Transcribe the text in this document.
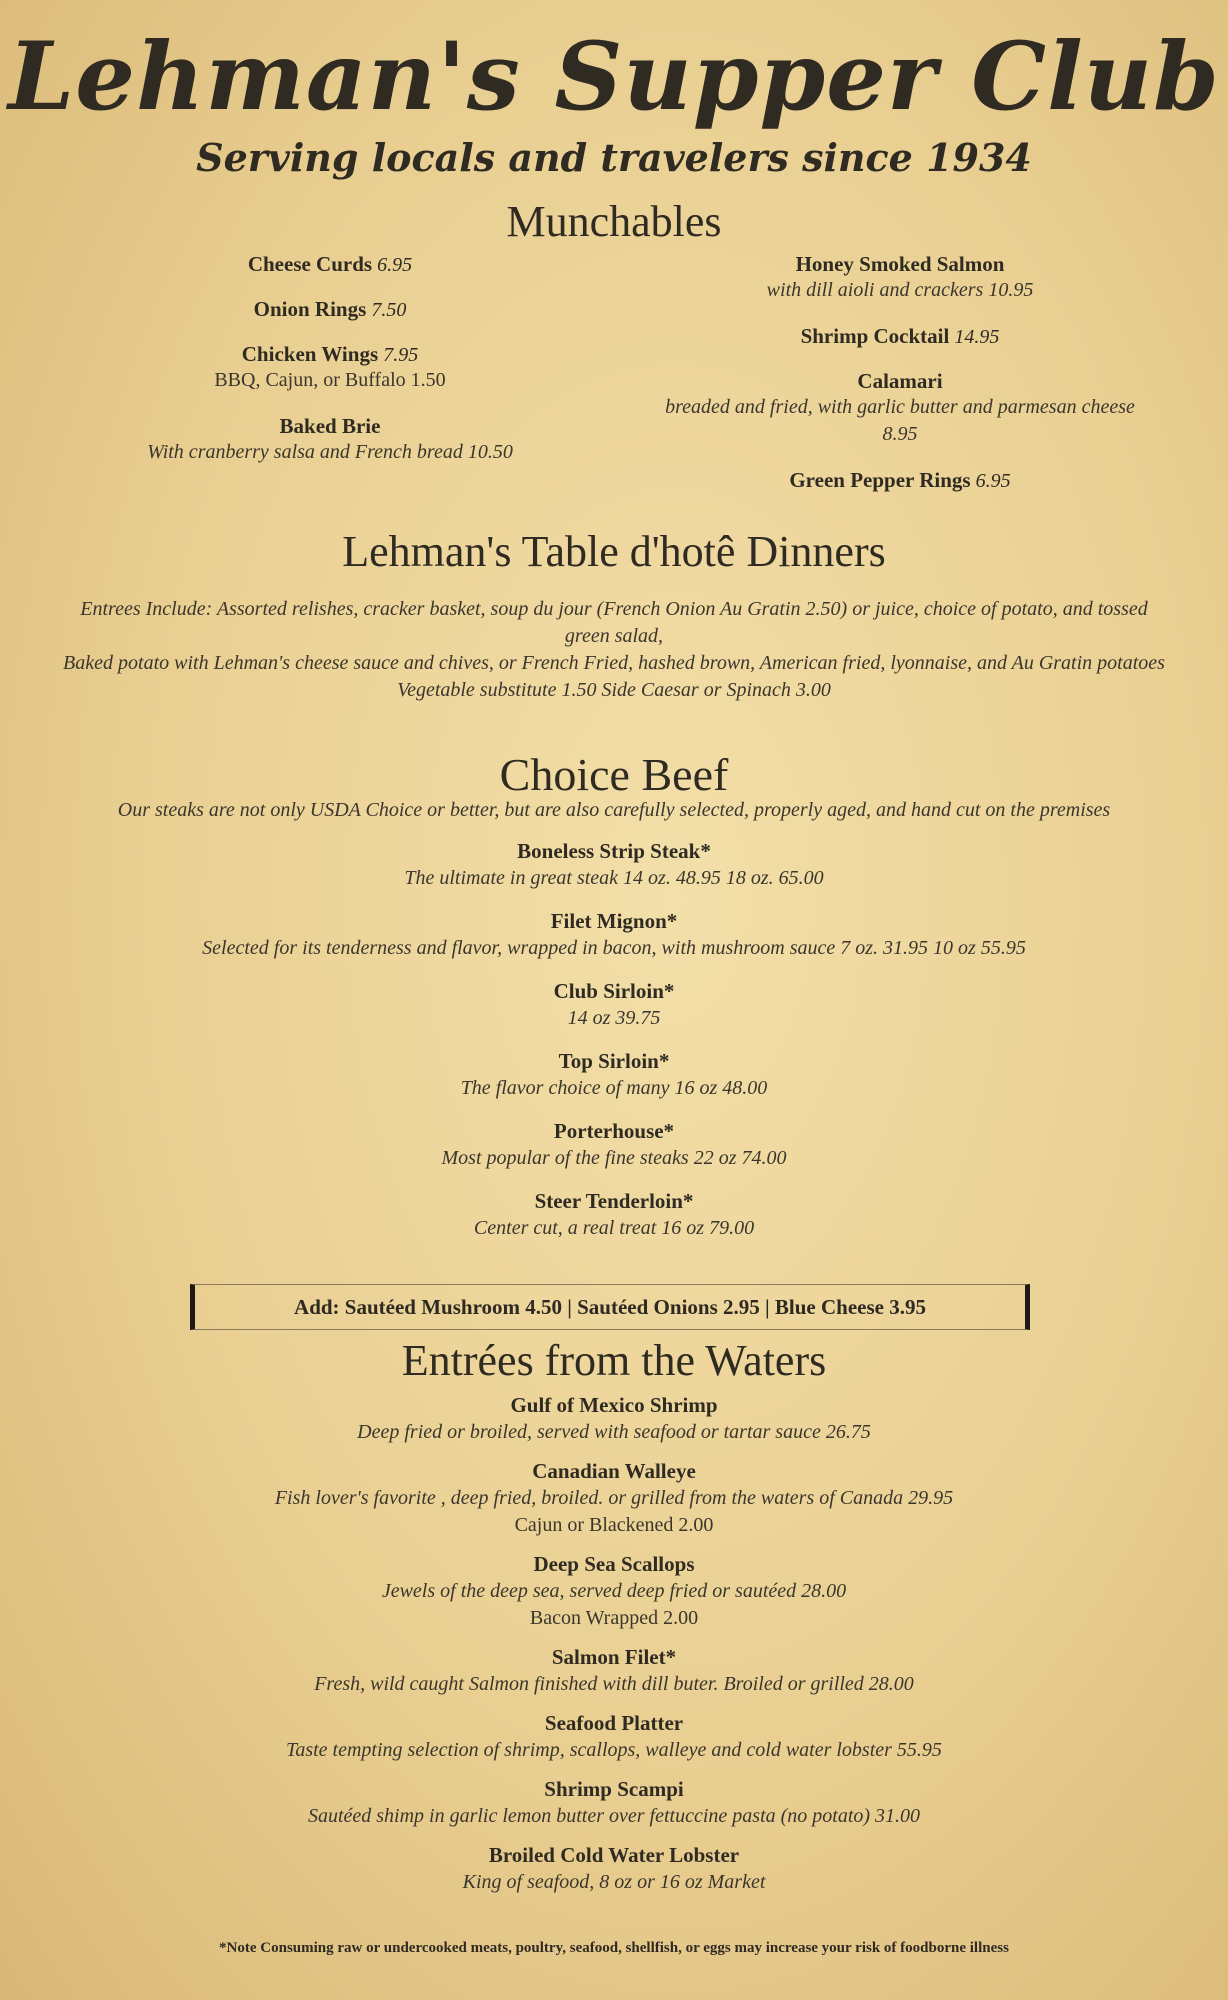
Lehman's Supper Club
Serving locals and travelers since 1934
Munchables
Cheese Curds 6.95
Onion Rings 7.50
Chicken Wings 7.95
BBQ, Cajun, or Buffalo 1.50
Baked Brie
With cranberry salsa and French bread 10.50
Honey Smoked Salmon
with dill aioli and crackers 10.95
Shrimp Cocktail 14.95
Calamari
breaded and fried, with garlic butter and parmesan cheese 8.95
Green Pepper Rings 6.95
Lehman's Table d'hotê Dinners
Entrees Include: Assorted relishes, cracker basket, soup du jour (French Onion Au Gratin 2.50) or juice, choice of potato, and tossed green salad,
Baked potato with Lehman's cheese sauce and chives, or French Fried, hashed brown, American fried, lyonnaise, and Au Gratin potatoes
Vegetable substitute 1.50 Side Caesar or Spinach 3.00
Choice Beef
Our steaks are not only USDA Choice or better, but are also carefully selected, properly aged, and hand cut on the premises
Boneless Strip Steak*
The ultimate in great steak 14 oz. 48.95 18 oz. 65.00
Filet Mignon*
Selected for its tenderness and flavor, wrapped in bacon, with mushroom sauce 7 oz. 31.95 10 oz 55.95
Club Sirloin*
14 oz 39.75
Top Sirloin*
The flavor choice of many 16 oz 48.00
Porterhouse*
Most popular of the fine steaks 22 oz 74.00
Steer Tenderloin*
Center cut, a real treat 16 oz 79.00
Add: Sautéed Mushroom 4.50 | Sautéed Onions 2.95 | Blue Cheese 3.95
Entrées from the Waters
Gulf of Mexico Shrimp
Deep fried or broiled, served with seafood or tartar sauce 26.75
Canadian Walleye
Fish lover's favorite , deep fried, broiled. or grilled from the waters of Canada 29.95
Cajun or Blackened 2.00
Deep Sea Scallops
Jewels of the deep sea, served deep fried or sautéed 28.00
Bacon Wrapped 2.00
Salmon Filet*
Fresh, wild caught Salmon finished with dill buter. Broiled or grilled 28.00
Seafood Platter
Taste tempting selection of shrimp, scallops, walleye and cold water lobster 55.95
Shrimp Scampi
Sautéed shimp in garlic lemon butter over fettuccine pasta (no potato) 31.00
Broiled Cold Water Lobster
King of seafood, 8 oz or 16 oz Market
*Note Consuming raw or undercooked meats, poultry, seafood, shellfish, or eggs may increase your risk of foodborne illness
